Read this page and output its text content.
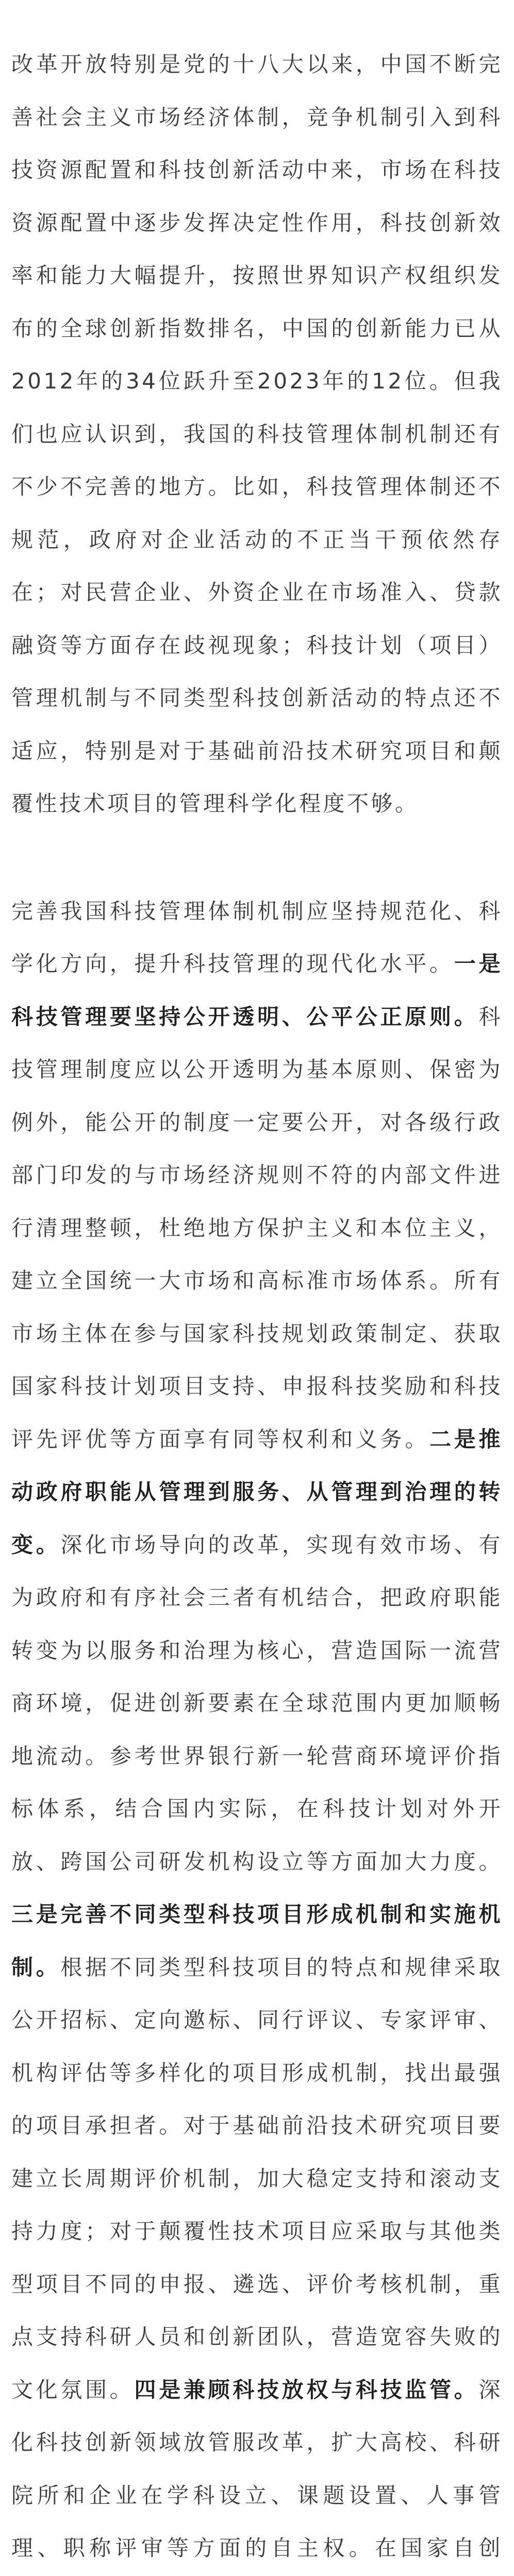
改革开放特别是党的十八大以来，中国不断完善社会主义市场经济体制，竞争机制引入到科技资源配置和科技创新活动中来，市场在科技资源配置中逐步发挥决定性作用，科技创新效率和能力大幅提升，按照世界知识产权组织发布的全球创新指数排名，中国的创新能力已从2012年的34位跃升至2023年的12位。但我们也应认识到，我国的科技管理体制机制还有不少不完善的地方。比如，科技管理体制还不规范，政府对企业活动的不正当干预依然存在；对民营企业、外资企业在市场准入、贷款融资等方面存在歧视现象；科技计划（项目）管理机制与不同类型科技创新活动的特点还不适应，特别是对于基础前沿技术研究项目和颠覆性技术项目的管理科学化程度不够。

完善我国科技管理体制机制应坚持规范化、科学化方向，提升科技管理的现代化水平。一是科技管理要坚持公开透明、公平公正原则。科技管理制度应以公开透明为基本原则、保密为例外，能公开的制度一定要公开，对各级行政部门印发的与市场经济规则不符的内部文件进行清理整顿，杜绝地方保护主义和本位主义，建立全国统一大市场和高标准市场体系。所有市场主体在参与国家科技规划政策制定、获取国家科技计划项目支持、申报科技奖励和科技评先评优等方面享有同等权利和义务。二是推动政府职能从管理到服务、从管理到治理的转变。深化市场导向的改革，实现有效市场、有为政府和有序社会三者有机结合，把政府职能转变为以服务和治理为核心，营造国际一流营商环境，促进创新要素在全球范围内更加顺畅地流动。参考世界银行新一轮营商环境评价指标体系，结合国内实际，在科技计划对外开放、跨国公司研发机构设立等方面加大力度。三是完善不同类型科技项目形成机制和实施机制。根据不同类型科技项目的特点和规律采取公开招标、定向邀标、同行评议、专家评审、机构评估等多样化的项目形成机制，找出最强的项目承担者。对于基础前沿技术研究项目要建立长周期评价机制，加大稳定支持和滚动支持力度；对于颠覆性技术项目应采取与其他类型项目不同的申报、遴选、评价考核机制，重点支持科研人员和创新团队，营造宽容失败的文化氛围。四是兼顾科技放权与科技监管。深化科技创新领域放管服改革，扩大高校、科研院所和企业在学科设立、课题设置、人事管理、职称评审等方面的自主权。在国家自创
